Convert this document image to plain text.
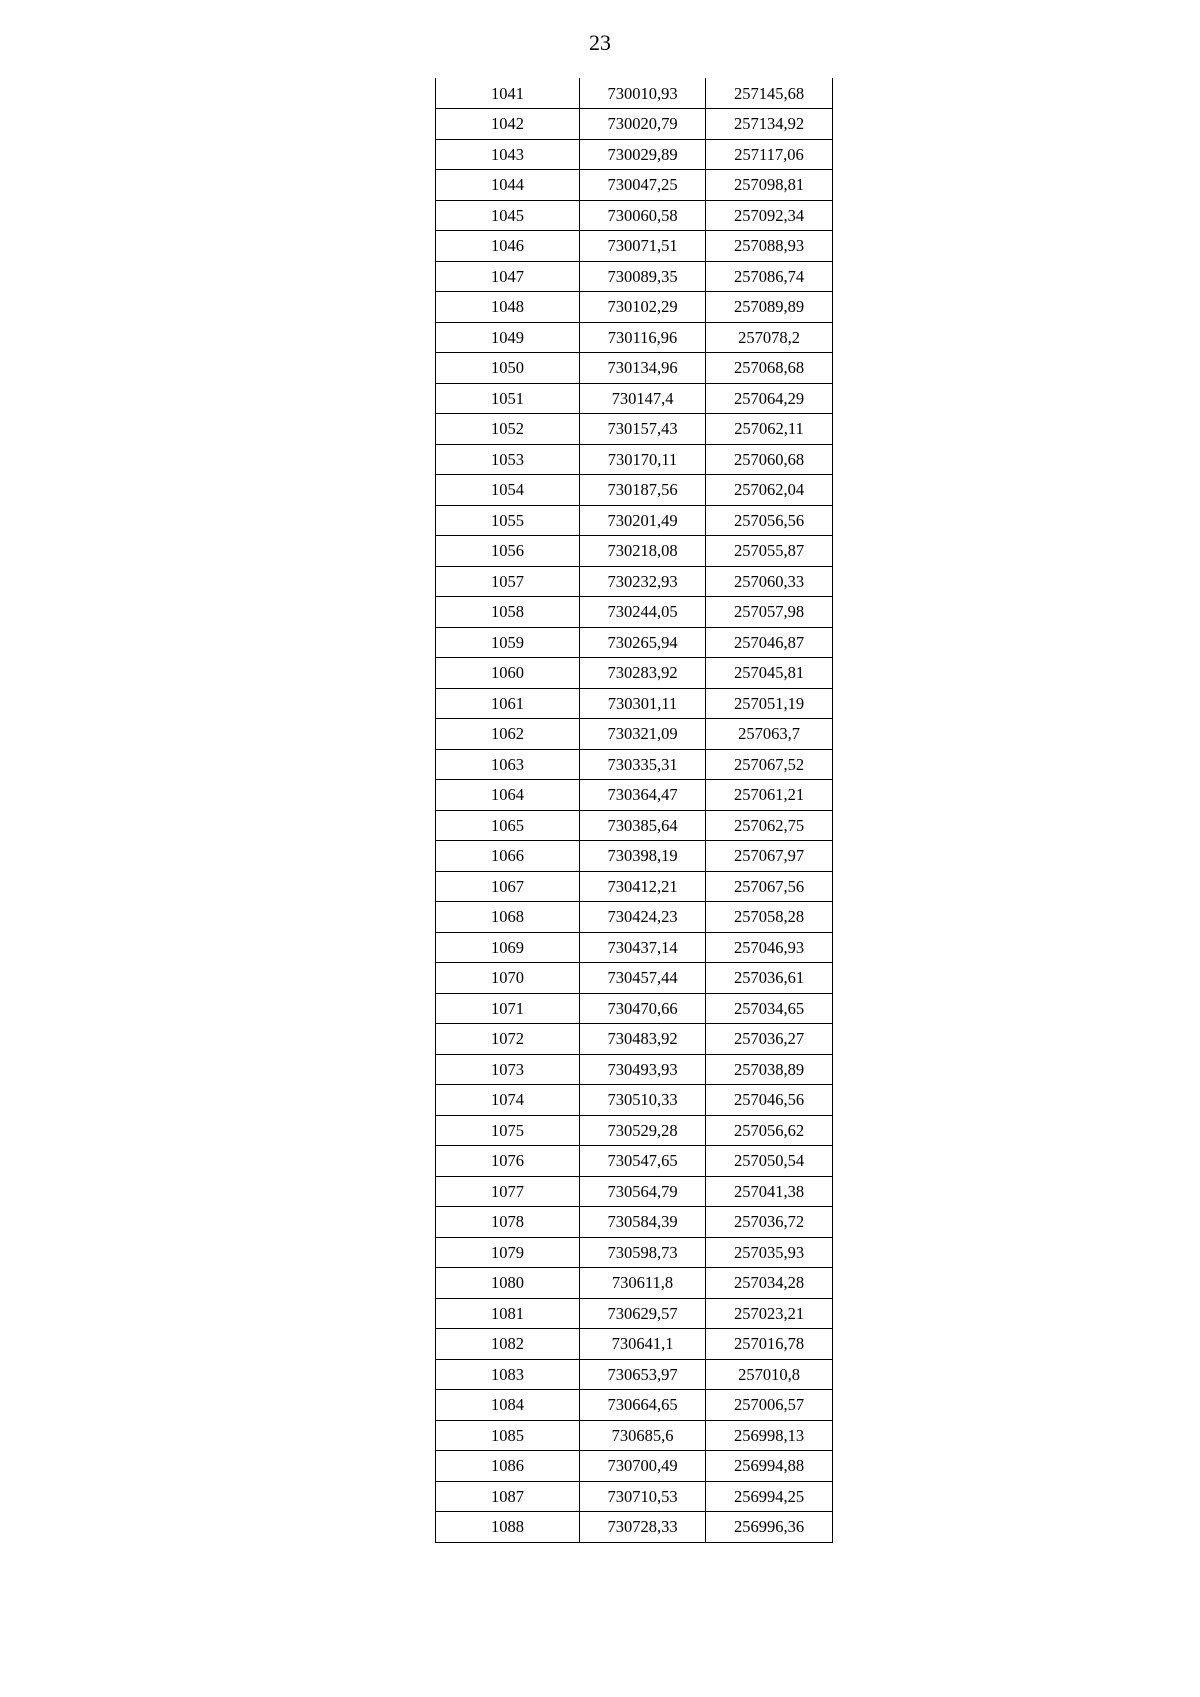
23
1041	730010,93	257145,68
1042	730020,79	257134,92
1043	730029,89	257117,06
1044	730047,25	257098,81
1045	730060,58	257092,34
1046	730071,51	257088,93
1047	730089,35	257086,74
1048	730102,29	257089,89
1049	730116,96	257078,2
1050	730134,96	257068,68
1051	730147,4	257064,29
1052	730157,43	257062,11
1053	730170,11	257060,68
1054	730187,56	257062,04
1055	730201,49	257056,56
1056	730218,08	257055,87
1057	730232,93	257060,33
1058	730244,05	257057,98
1059	730265,94	257046,87
1060	730283,92	257045,81
1061	730301,11	257051,19
1062	730321,09	257063,7
1063	730335,31	257067,52
1064	730364,47	257061,21
1065	730385,64	257062,75
1066	730398,19	257067,97
1067	730412,21	257067,56
1068	730424,23	257058,28
1069	730437,14	257046,93
1070	730457,44	257036,61
1071	730470,66	257034,65
1072	730483,92	257036,27
1073	730493,93	257038,89
1074	730510,33	257046,56
1075	730529,28	257056,62
1076	730547,65	257050,54
1077	730564,79	257041,38
1078	730584,39	257036,72
1079	730598,73	257035,93
1080	730611,8	257034,28
1081	730629,57	257023,21
1082	730641,1	257016,78
1083	730653,97	257010,8
1084	730664,65	257006,57
1085	730685,6	256998,13
1086	730700,49	256994,88
1087	730710,53	256994,25
1088	730728,33	256996,36
